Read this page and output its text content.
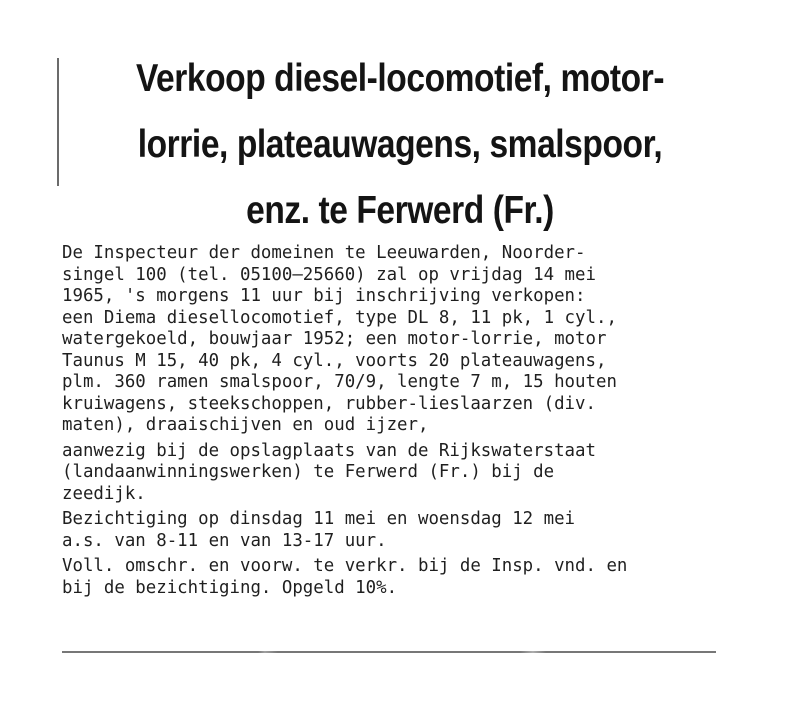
Verkoop diesel-locomotief, motor-
lorrie, plateauwagens, smalspoor,
enz. te Ferwerd (Fr.)
De Inspecteur der domeinen te Leeuwarden, Noorder-
singel 100 (tel. 05100—25660) zal op vrijdag 14 mei
1965, 's morgens 11 uur bij inschrijving verkopen:
een Diema diesellocomotief, type DL 8, 11 pk, 1 cyl.,
watergekoeld, bouwjaar 1952; een motor-lorrie, motor
Taunus M 15, 40 pk, 4 cyl., voorts 20 plateauwagens,
plm. 360 ramen smalspoor, 70/9, lengte 7 m, 15 houten
kruiwagens, steekschoppen, rubber-lieslaarzen (div.
maten), draaischijven en oud ijzer,
aanwezig bij de opslagplaats van de Rijkswaterstaat
(landaanwinningswerken) te Ferwerd (Fr.) bij de
zeedijk.
Bezichtiging op dinsdag 11 mei en woensdag 12 mei
a.s. van 8-11 en van 13-17 uur.
Voll. omschr. en voorw. te verkr. bij de Insp. vnd. en
bij de bezichtiging. Opgeld 10%.
